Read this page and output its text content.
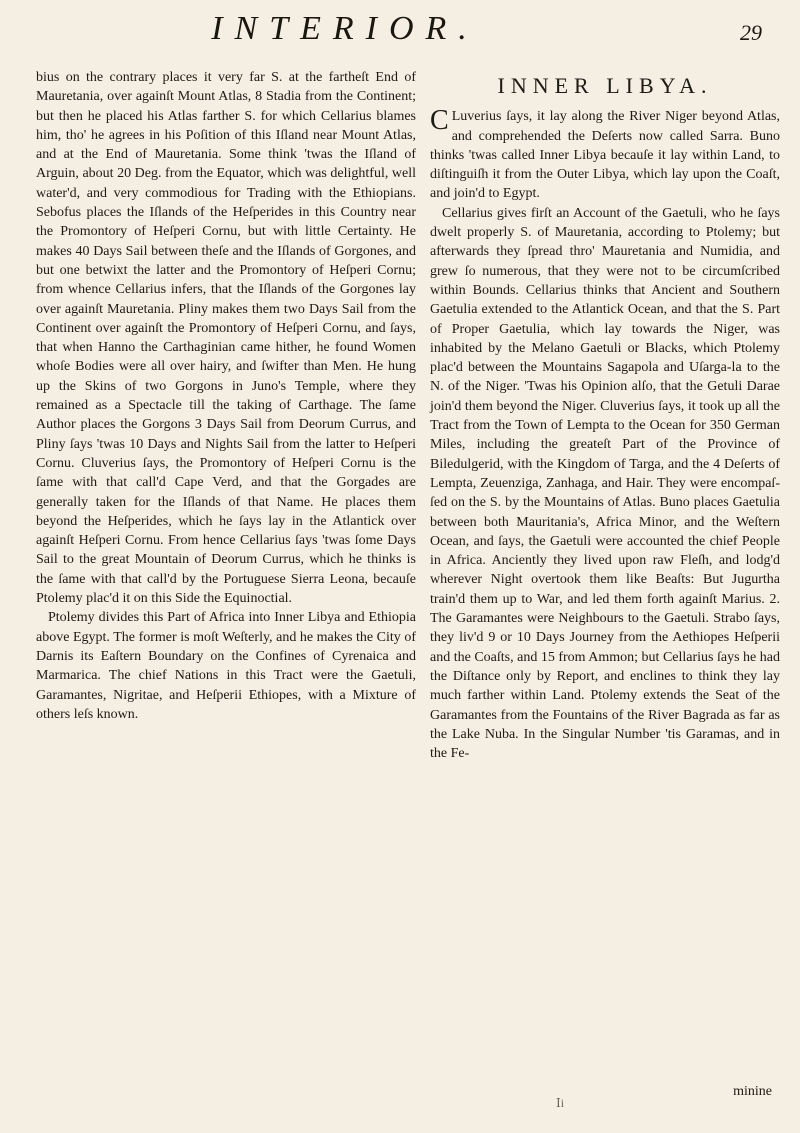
INTERIOR.	29

bius on the contrary places it very far S. at the fartheſt End of Mauretania, over againſt Mount Atlas, 8 Stadia from the Continent; but then he placed his Atlas farther S. for which Cellarius blames him, tho' he agrees in his Poſition of this Iſland near Mount Atlas, and at the End of Mauretania. Some think 'twas the Iſland of Arguin, about 20 Deg. from the Equator, which was delightful, well water'd, and very commodious for Trading with the Ethiopians. Sebofus places the Iſlands of the Heſperides in this Country near the Promontory of Heſperi Cornu, but with little Certainty. He makes 40 Days Sail between theſe and the Iſlands of Gorgones, and but one betwixt the latter and the Promontory of Heſperi Cornu; from whence Cellarius infers, that the Iſlands of the Gorgones lay over againſt Mauretania. Pliny makes them two Days Sail from the Continent over againſt the Promontory of Heſperi Cornu, and ſays, that when Hanno the Carthaginian came hither, he found Women whoſe Bodies were all over hairy, and ſwifter than Men. He hung up the Skins of two Gorgons in Juno's Temple, where they remained as a Spectacle till the taking of Carthage. The ſame Author places the Gorgons 3 Days Sail from Deorum Currus, and Pliny ſays 'twas 10 Days and Nights Sail from the latter to Heſperi Cornu. Cluverius ſays, the Promontory of Heſperi Cornu is the ſame with that call'd Cape Verd, and that the Gorgades are generally taken for the Iſlands of that Name. He places them beyond the Heſperides, which he ſays lay in the Atlantick over againſt Heſperi Cornu. From hence Cellarius ſays 'twas ſome Days Sail to the great Mountain of Deorum Currus, which he thinks is the ſame with that call'd by the Portuguese Sierra Leona, becauſe Ptolemy plac'd it on this Side the Equinoctial.

Ptolemy divides this Part of Africa into Inner Libya and Ethiopia above Egypt. The former is moſt Weſterly, and he makes the City of Darnis its Eaſtern Boundary on the Confines of Cyrenaica and Marmarica. The chief Nations in this Tract were the Gaetuli, Garamantes, Nigritae, and Heſperii Ethiopes, with a Mixture of others leſs known.

INNER LIBYA.

C Luverius ſays, it lay along the River Niger beyond Atlas, and comprehended the Deſerts now called Sarra. Buno thinks 'twas called Inner Libya becauſe it lay within Land, to diſtinguiſh it from the Outer Libya, which lay upon the Coaſt, and join'd to Egypt.

Cellarius gives firſt an Account of the Gaetuli, who he ſays dwelt properly S. of Mauretania, according to Ptolemy; but afterwards they ſpread thro' Mauretania and Numidia, and grew ſo numerous, that they were not to be circumſcribed within Bounds. Cellarius thinks that Ancient and Southern Gaetulia extended to the Atlantick Ocean, and that the S. Part of Proper Gaetulia, which lay towards the Niger, was inhabited by the Melano Gaetuli or Blacks, which Ptolemy plac'd between the Mountains Sagapola and Uſarga-la to the N. of the Niger. 'Twas his Opinion alſo, that the Getuli Darae join'd them beyond the Niger. Cluverius ſays, it took up all the Tract from the Town of Lempta to the Ocean for 350 German Miles, including the greateſt Part of the Province of Biledulgerid, with the Kingdom of Targa, and the 4 Deſerts of Lempta, Zeuenziga, Zanhaga, and Hair. They were encompaſ-ſed on the S. by the Mountains of Atlas. Buno places Gaetulia between both Mauritania's, Africa Minor, and the Weſtern Ocean, and ſays, the Gaetuli were accounted the chief People in Africa. Anciently they lived upon raw Fleſh, and lodg'd wherever Night overtook them like Beaſts: But Jugurtha train'd them up to War, and led them forth againſt Marius. 2. The Garamantes were Neighbours to the Gaetuli. Strabo ſays, they liv'd 9 or 10 Days Journey from the Aethiopes Heſperii and the Coaſts, and 15 from Ammon; but Cellarius ſays he had the Diſtance only by Report, and enclines to think they lay much farther within Land. Ptolemy extends the Seat of the Garamantes from the Fountains of the River Bagrada as far as the Lake Nuba. In the Singular Number 'tis Garamas, and in the Fe-

minine
Ⅰi
